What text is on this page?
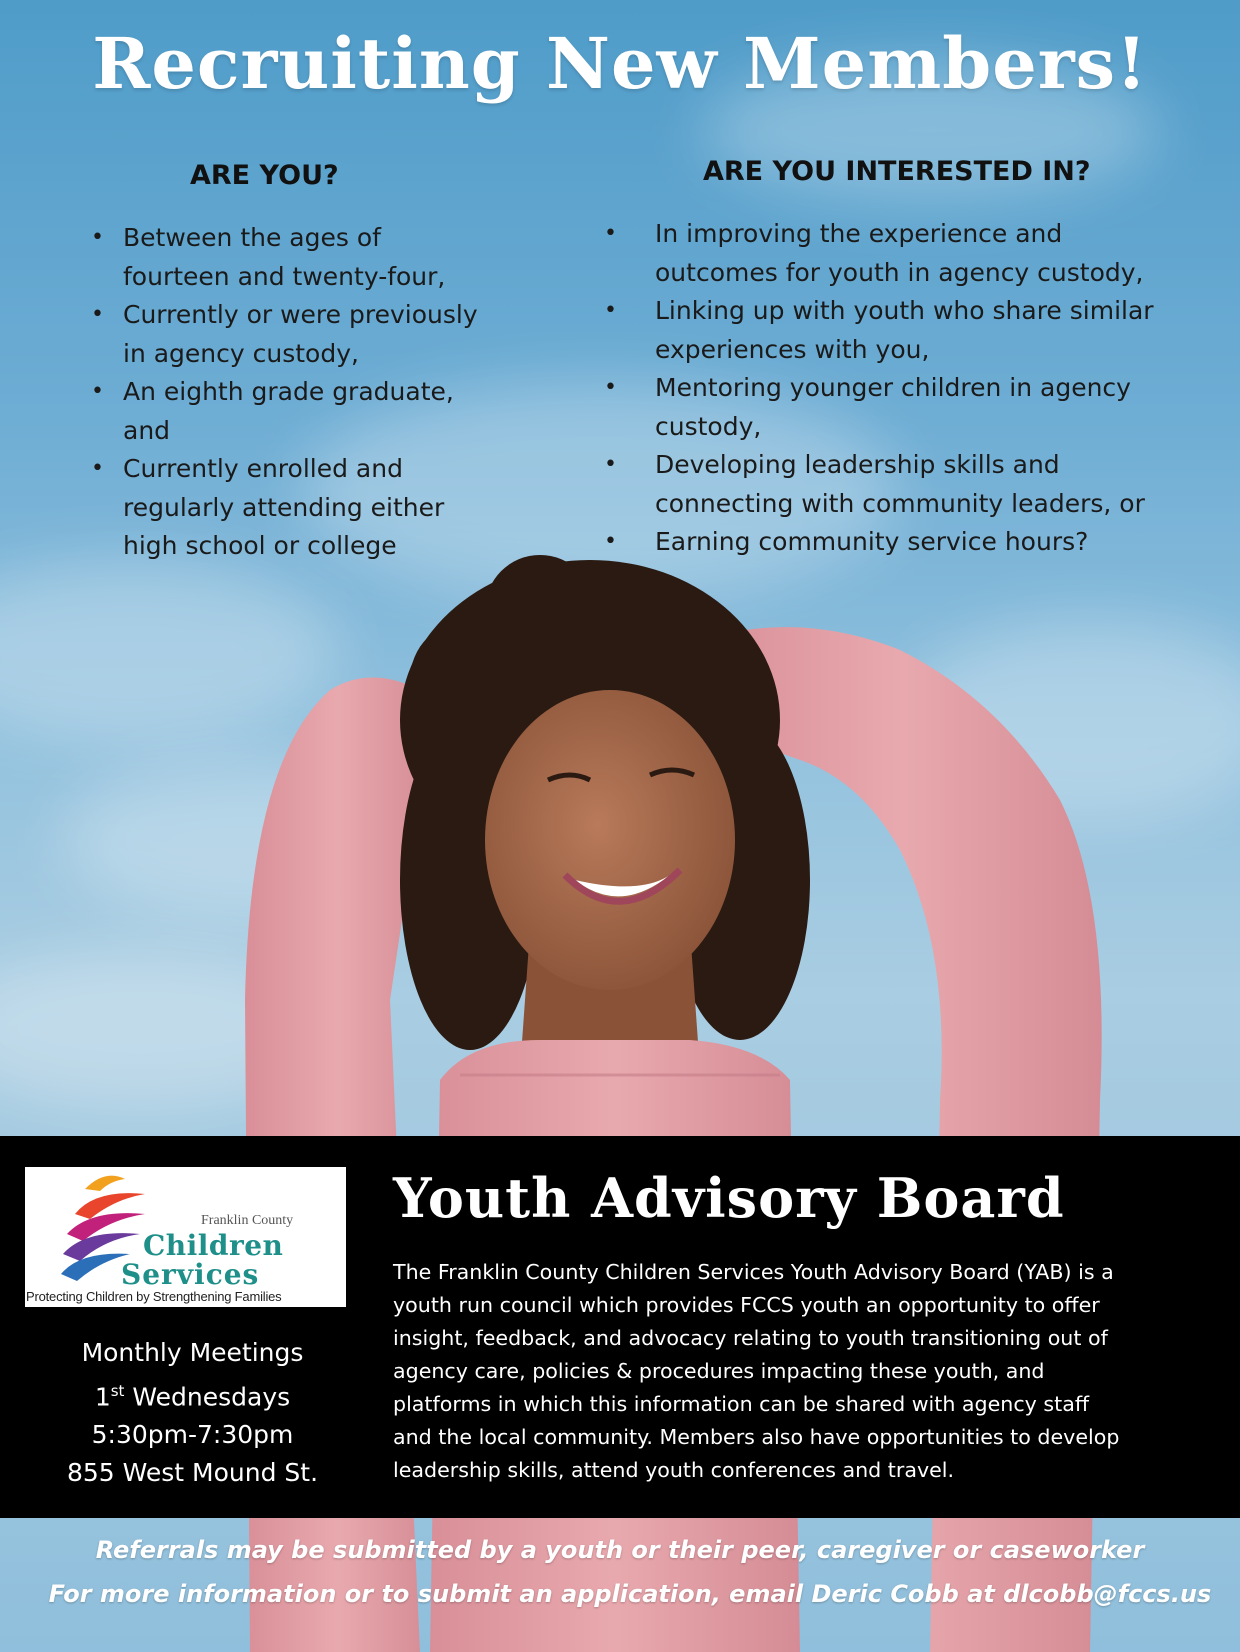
Recruiting New Members!
ARE YOU?
• Between the ages of
fourteen and twenty-four,
• Currently or were previously
in agency custody,
• An eighth grade graduate,
and
• Currently enrolled and
regularly attending either
high school or college
ARE YOU INTERESTED IN?
• In improving the experience and
outcomes for youth in agency custody,
• Linking up with youth who share similar
experiences with you,
• Mentoring younger children in agency
custody,
• Developing leadership skills and
connecting with community leaders, or
• Earning community service hours?
Franklin County
Children
Services
Protecting Children by Strengthening Families
Monthly Meetings
1st Wednesdays
5:30pm-7:30pm
855 West Mound St.
Youth Advisory Board
The Franklin County Children Services Youth Advisory Board (YAB) is a
youth run council which provides FCCS youth an opportunity to offer
insight, feedback, and advocacy relating to youth transitioning out of
agency care, policies & procedures impacting these youth, and
platforms in which this information can be shared with agency staff
and the local community. Members also have opportunities to develop
leadership skills, attend youth conferences and travel.
Referrals may be submitted by a youth or their peer, caregiver or caseworker
For more information or to submit an application, email Deric Cobb at dlcobb@fccs.us
